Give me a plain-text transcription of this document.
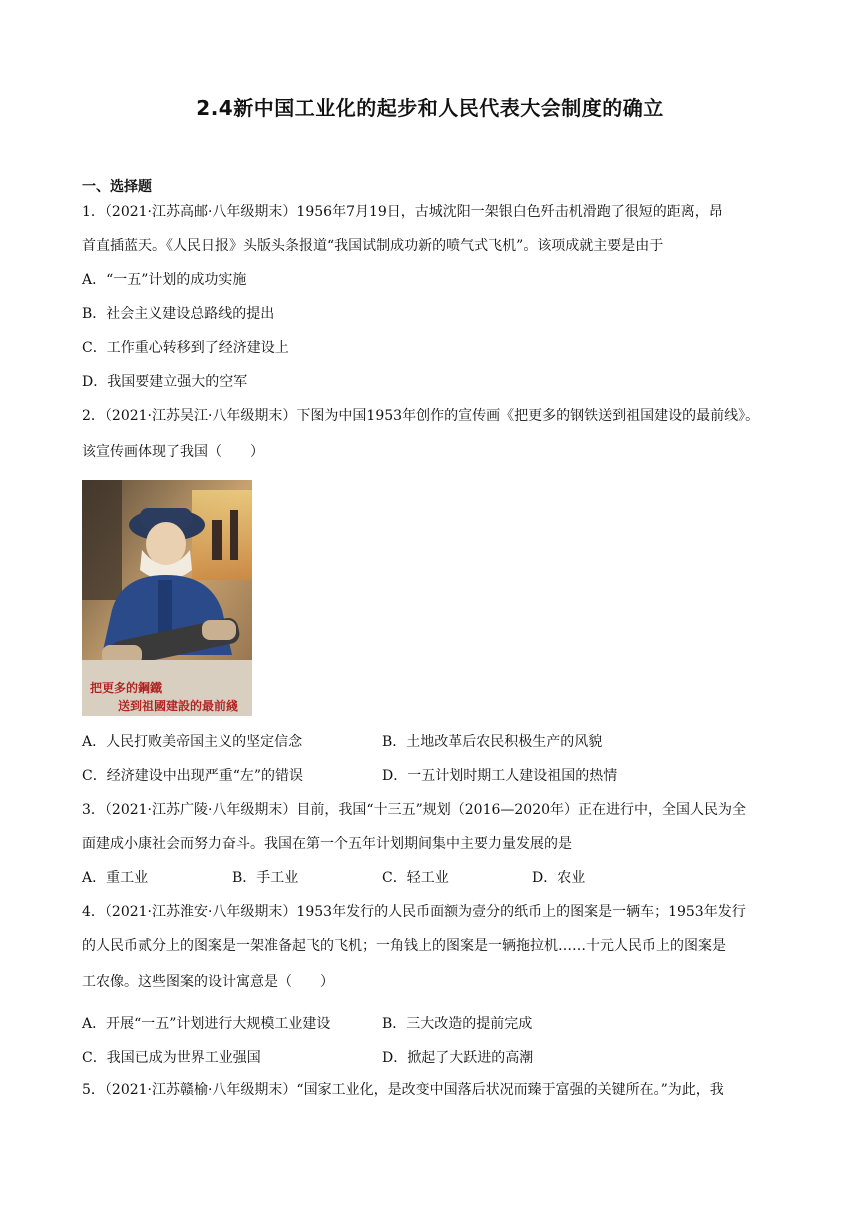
2.4新中国工业化的起步和人民代表大会制度的确立
一、选择题
1．（2021·江苏高邮·八年级期末）1956年7月19日，古城沈阳一架银白色歼击机滑跑了很短的距离，昂
首直插蓝天。《人民日报》头版头条报道“我国试制成功新的喷气式飞机”。该项成就主要是由于
A．“一五”计划的成功实施
B．社会主义建设总路线的提出
C．工作重心转移到了经济建设上
D．我国要建立强大的空军
2．（2021·江苏吴江·八年级期末）下图为中国1953年创作的宣传画《把更多的钢铁送到祖国建设的最前线》。
该宣传画体现了我国（　　）
把更多的鋼鐵
送到祖國建設的最前綫
A．人民打败美帝国主义的坚定信念	B．土地改革后农民积极生产的风貌
C．经济建设中出现严重“左”的错误	D．一五计划时期工人建设祖国的热情
3．（2021·江苏广陵·八年级期末）目前，我国“十三五”规划（2016—2020年）正在进行中，全国人民为全
面建成小康社会而努力奋斗。我国在第一个五年计划期间集中主要力量发展的是
A．重工业	B．手工业	C．轻工业	D．农业
4．（2021·江苏淮安·八年级期末）1953年发行的人民币面额为壹分的纸币上的图案是一辆车；1953年发行
的人民币贰分上的图案是一架准备起飞的飞机；一角钱上的图案是一辆拖拉机……十元人民币上的图案是
工农像。这些图案的设计寓意是（　　）
A．开展“一五”计划进行大规模工业建设	B．三大改造的提前完成
C．我国已成为世界工业强国	D．掀起了大跃进的高潮
5．（2021·江苏赣榆·八年级期末）“国家工业化，是改变中国落后状况而臻于富强的关键所在。”为此，我
